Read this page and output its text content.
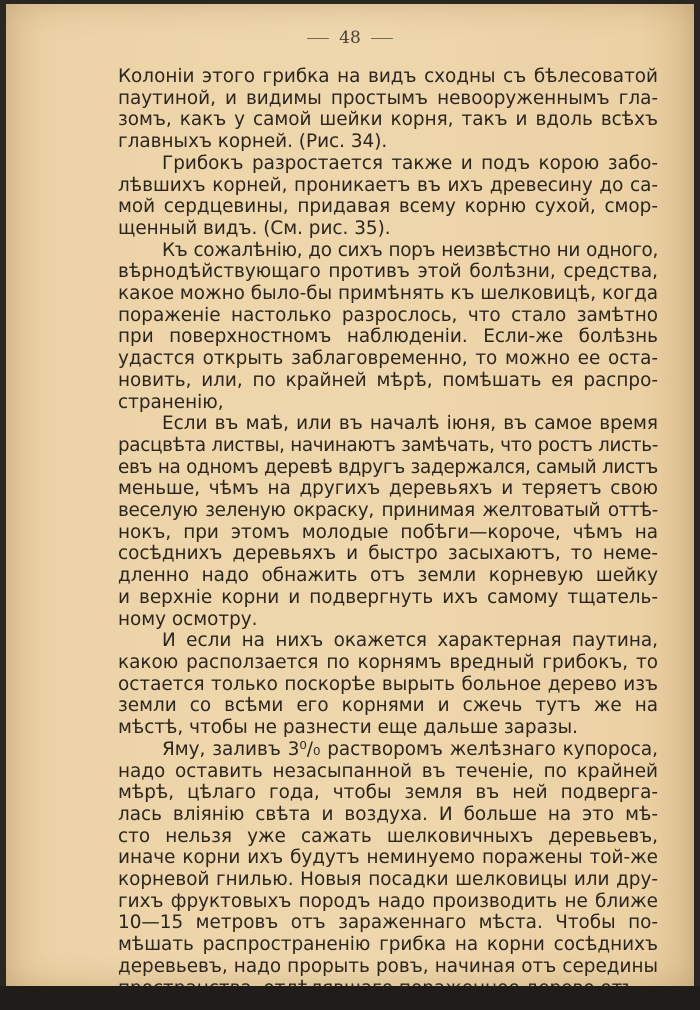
48

Колоніи этого грибка на видъ сходны съ бѣлесоватой
паутиной, и видимы простымъ невооруженнымъ гла-
зомъ, какъ у самой шейки корня, такъ и вдоль всѣхъ
главныхъ корней. (Рис. 34).

Грибокъ разростается также и подъ корою забо-
лѣвшихъ корней, проникаетъ въ ихъ древесину до са-
мой сердцевины, придавая всему корню сухой, смор-
щенный видъ. (См. рис. 35).

Къ сожалѣнію, до сихъ поръ неизвѣстно ни одного,
вѣрнодѣйствующаго противъ этой болѣзни, средства,
какое можно было-бы примѣнять къ шелковицѣ, когда
пораженіе настолько разрослось, что стало замѣтно
при поверхностномъ наблюденіи. Если-же болѣзнь
удастся открыть заблаговременно, то можно ее оста-
новить, или, по крайней мѣрѣ, помѣшать ея распро-
страненію,

Если въ маѣ, или въ началѣ іюня, въ самое время
расцвѣта листвы, начинаютъ замѣчать, что ростъ листь-
евъ на одномъ деревѣ вдругъ задержался, самый листъ
меньше, чѣмъ на другихъ деревьяхъ и теряетъ свою
веселую зеленую окраску, принимая желтоватый оттѣ-
нокъ, при этомъ молодые побѣги—короче, чѣмъ на
сосѣднихъ деревьяхъ и быстро засыхаютъ, то неме-
дленно надо обнажить отъ земли корневую шейку
и верхніе корни и подвергнуть ихъ самому тщатель-
ному осмотру.

И если на нихъ окажется характерная паутина,
какою расползается по корнямъ вредный грибокъ, то
остается только поскорѣе вырыть больное дерево изъ
земли со всѣми его корнями и сжечь тутъ же на
мѣстѣ, чтобы не разнести еще дальше заразы.

Яму, заливъ 3⁰/₀ растворомъ желѣзнаго купороса,
надо оставить незасыпанной въ теченіе, по крайней
мѣрѣ, цѣлаго года, чтобы земля въ ней подверга-
лась вліянію свѣта и воздуха. И больше на это мѣ-
сто нельзя уже сажать шелковичныхъ деревьевъ,
иначе корни ихъ будутъ неминуемо поражены той-же
корневой гнилью. Новыя посадки шелковицы или дру-
гихъ фруктовыхъ породъ надо производить не ближе
10—15 метровъ отъ зараженнаго мѣста. Чтобы по-
мѣшать распространенію грибка на корни сосѣднихъ
деревьевъ, надо прорыть ровъ, начиная отъ середины
